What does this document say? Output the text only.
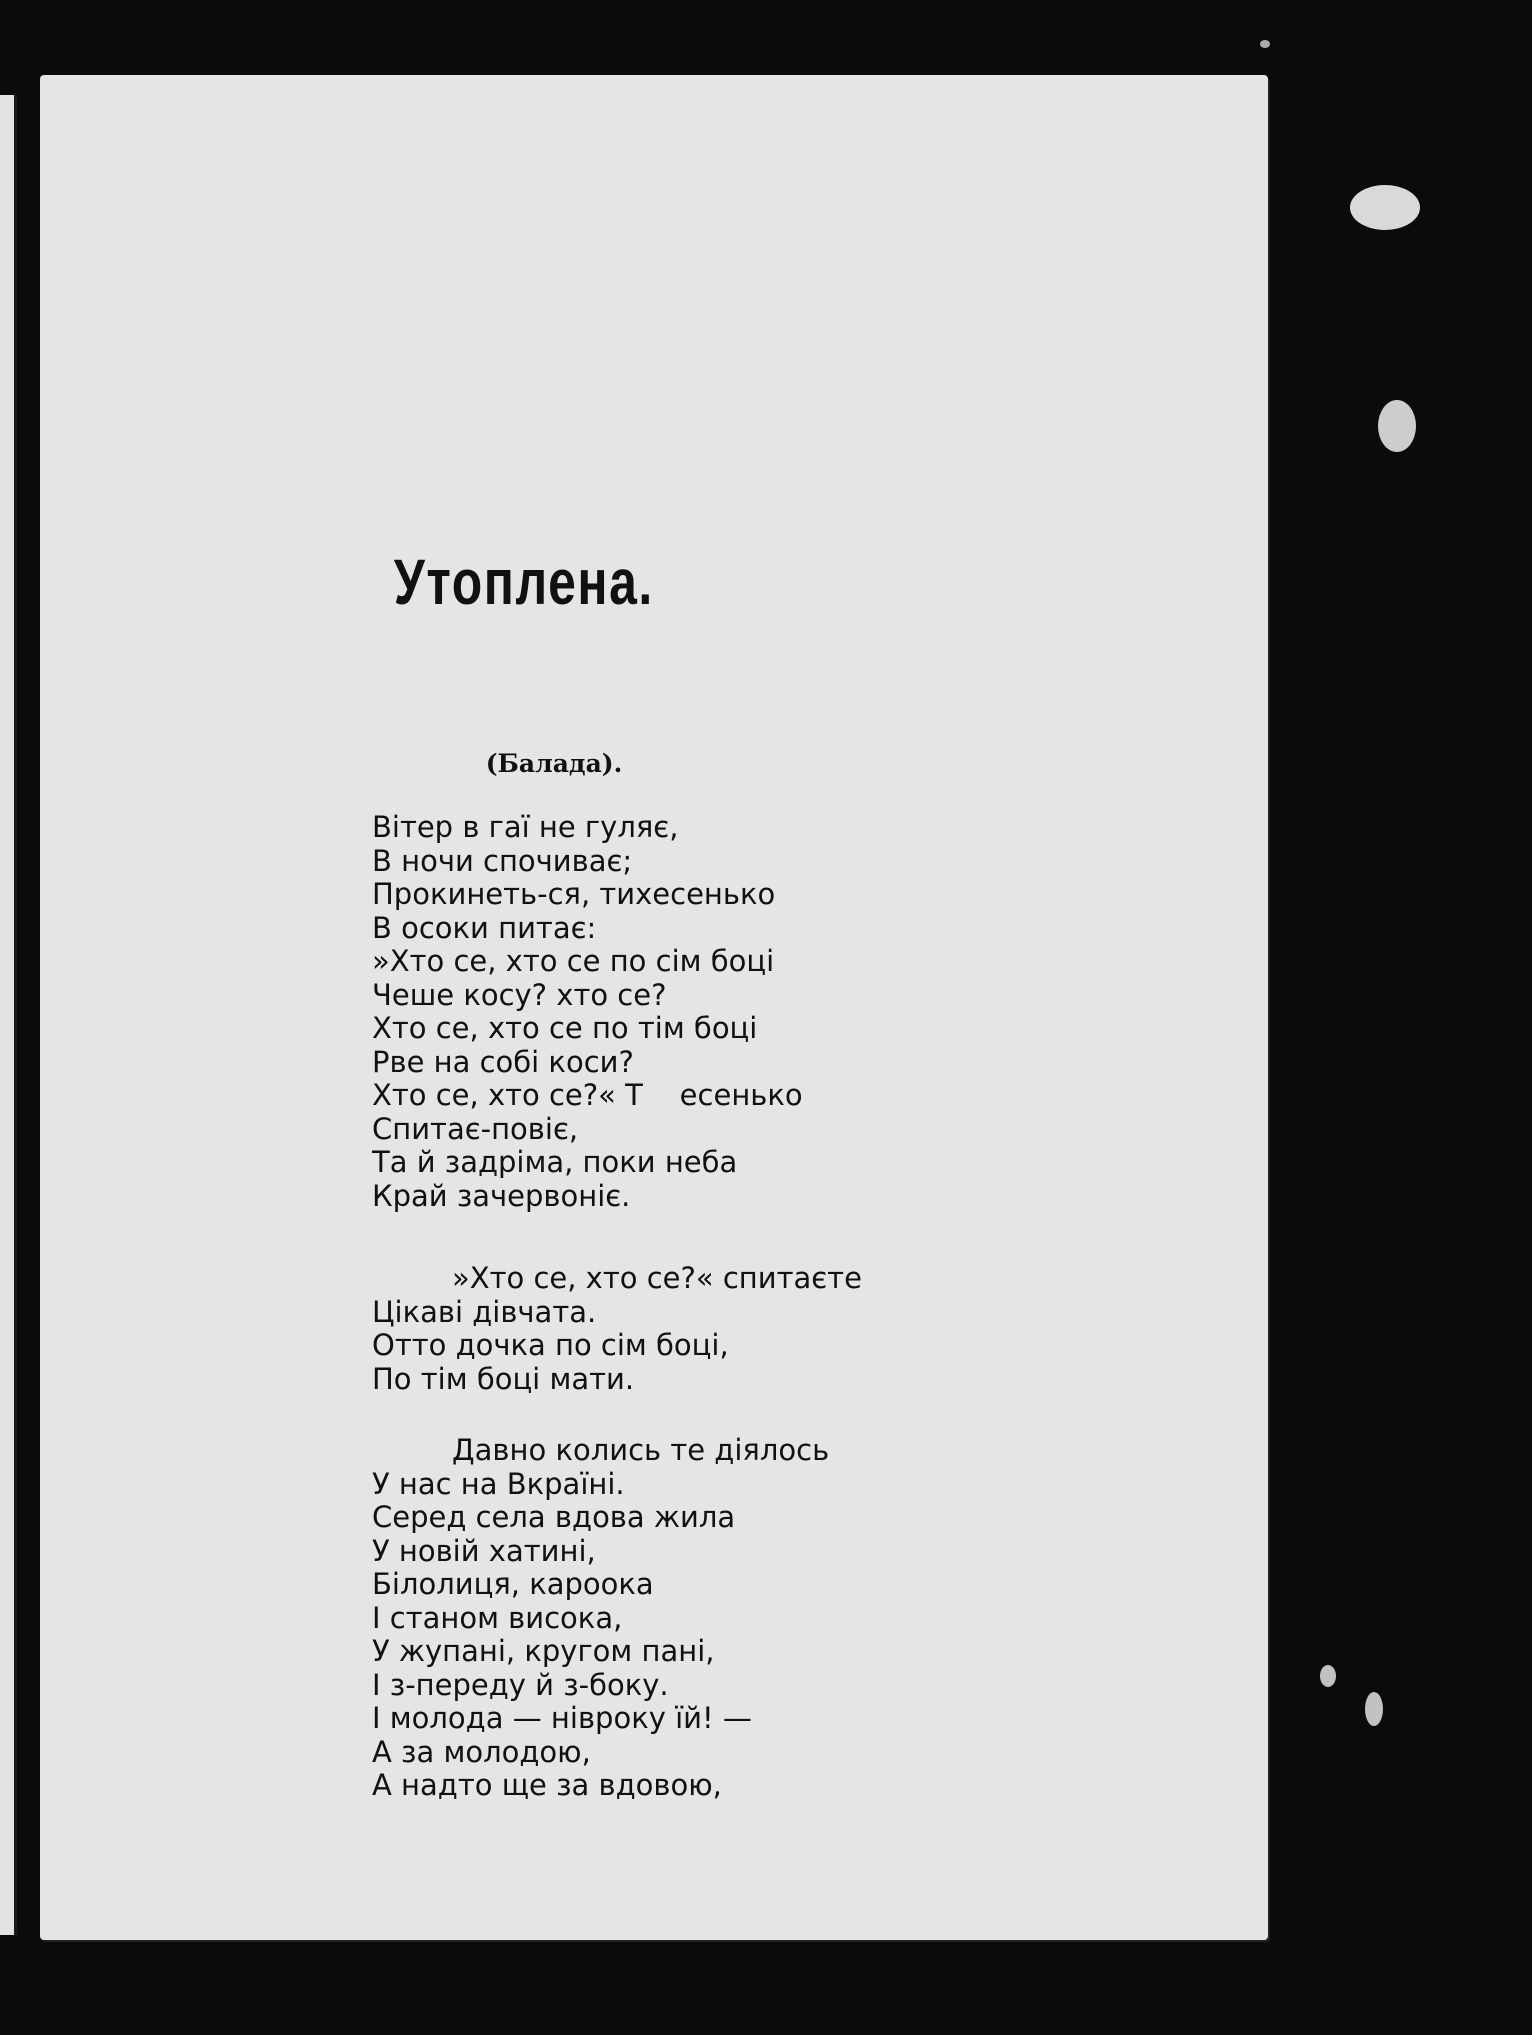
Утоплена.
(Балада).
Вітер в гаї не гуляє,
В ночи спочиває;
Прокинеть-ся, тихесенько
В осоки питає:
»Хто се, хто се по сім боці
Чеше косу? хто се?
Хто се, хто се по тім боці
Рве на собі коси?
Хто се, хто се?« Т    есенько
Спитає-повіє,
Та й задріма, поки неба
Край зачервоніє.
»Хто се, хто се?« спитаєте
Цікаві дівчата.
Отто дочка по сім боці,
По тім боці мати.
Давно колись те діялось
У нас на Вкраїні.
Серед села вдова жила
У новій хатині,
Білолиця, кароока
І станом висока,
У жупані, кругом пані,
І з-переду й з-боку.
І молода — нівроку їй! —
А за молодою,
А надто ще за вдовою,
